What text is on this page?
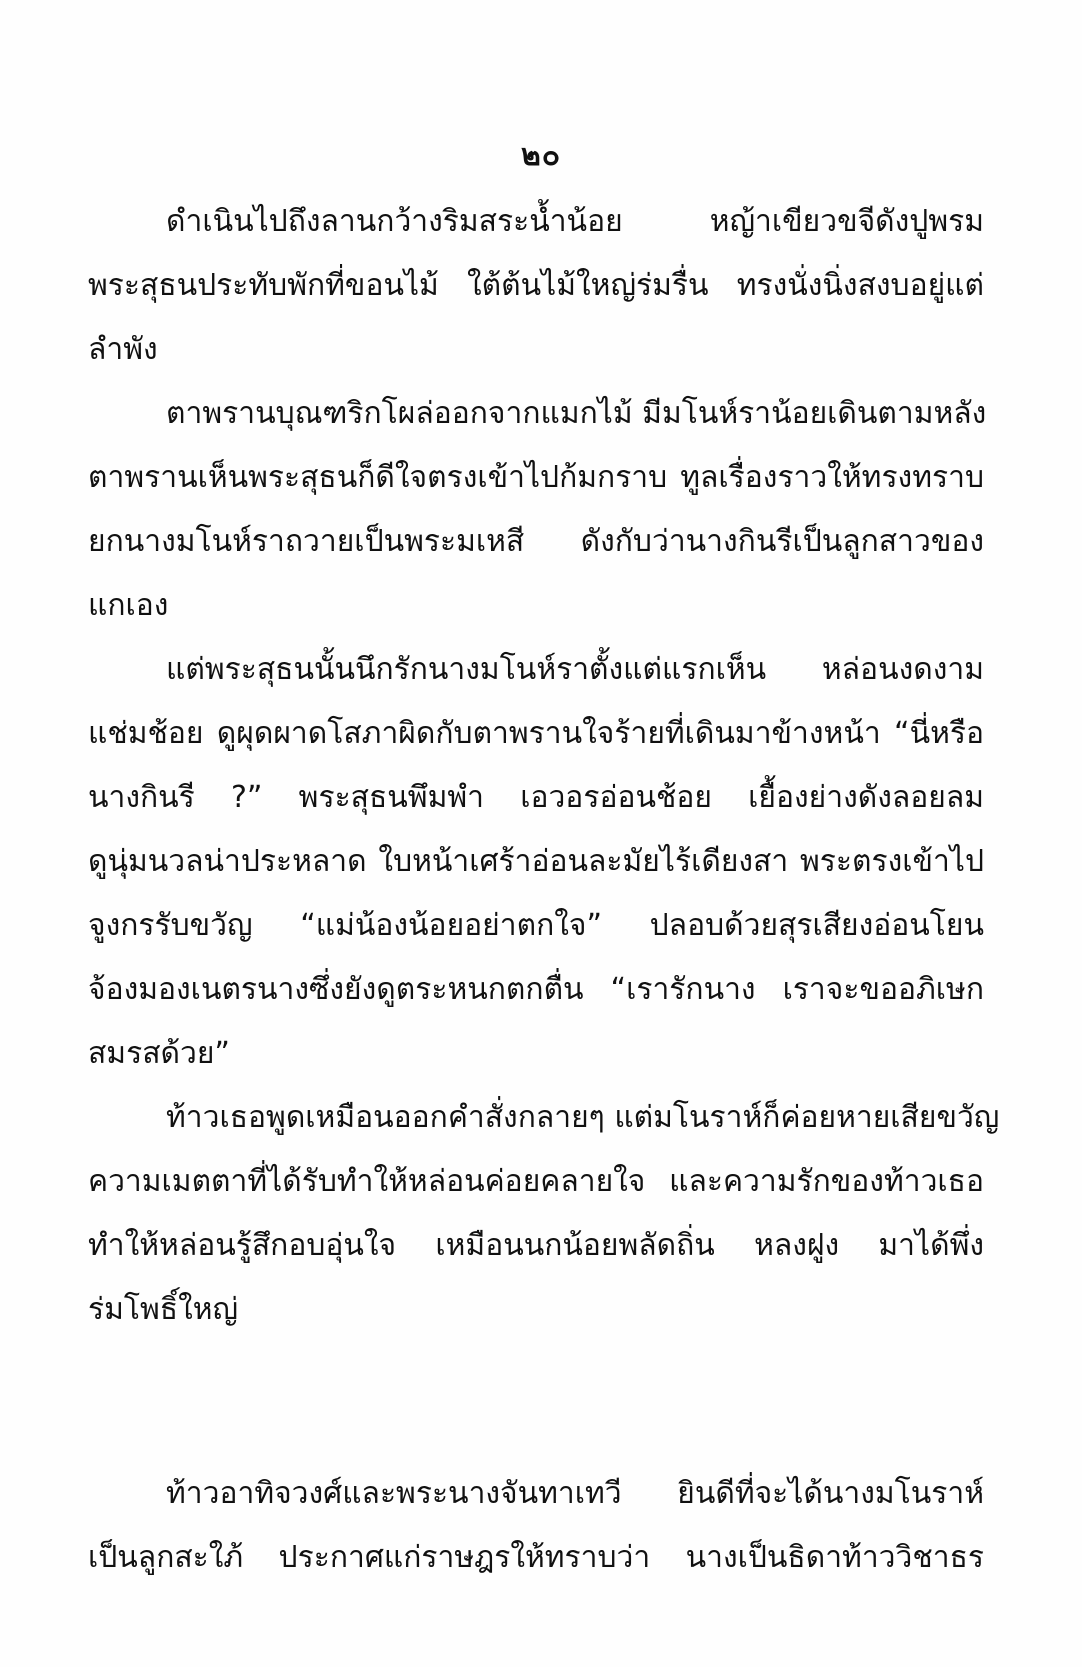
๒๐
ดำเนินไปถึงลานกว้างริมสระน้ำน้อย หญ้าเขียวขจีดังปูพรม
พระสุธนประทับพักที่ขอนไม้ ใต้ต้นไม้ใหญ่ร่มรื่น ทรงนั่งนิ่งสงบอยู่แต่
ลำพัง
ตาพรานบุณฑริกโผล่ออกจากแมกไม้ มีมโนห์ราน้อยเดินตามหลัง
ตาพรานเห็นพระสุธนก็ดีใจตรงเข้าไปก้มกราบ ทูลเรื่องราวให้ทรงทราบ
ยกนางมโนห์ราถวายเป็นพระมเหสี ดังกับว่านางกินรีเป็นลูกสาวของ
แกเอง
แต่พระสุธนนั้นนึกรักนางมโนห์ราตั้งแต่แรกเห็น หล่อนงดงาม
แช่มช้อย ดูผุดผาดโสภาผิดกับตาพรานใจร้ายที่เดินมาข้างหน้า “นี่หรือ
นางกินรี ?” พระสุธนพึมพำ เอวอรอ่อนช้อย เยื้องย่างดังลอยลม
ดูนุ่มนวลน่าประหลาด ใบหน้าเศร้าอ่อนละมัยไร้เดียงสา พระตรงเข้าไป
จูงกรรับขวัญ “แม่น้องน้อยอย่าตกใจ” ปลอบด้วยสุรเสียงอ่อนโยน
จ้องมองเนตรนางซึ่งยังดูตระหนกตกตื่น “เรารักนาง เราจะขออภิเษก
สมรสด้วย”
ท้าวเธอพูดเหมือนออกคำสั่งกลายๆ แต่มโนราห์ก็ค่อยหายเสียขวัญ
ความเมตตาที่ได้รับทำให้หล่อนค่อยคลายใจ และความรักของท้าวเธอ
ทำให้หล่อนรู้สึกอบอุ่นใจ เหมือนนกน้อยพลัดถิ่น หลงฝูง มาได้พึ่ง
ร่มโพธิ์ใหญ่
ท้าวอาทิจวงศ์และพระนางจันทาเทวี ยินดีที่จะได้นางมโนราห์
เป็นลูกสะใภ้ ประกาศแก่ราษฎรให้ทราบว่า นางเป็นธิดาท้าววิชาธร
